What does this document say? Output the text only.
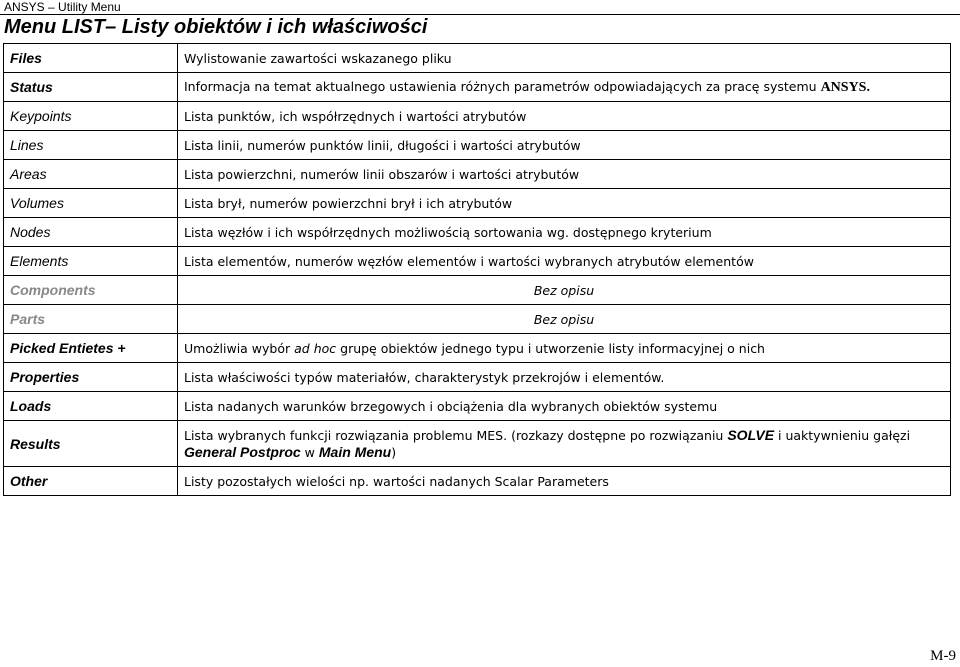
ANSYS – Utility Menu
Menu LIST– Listy obiektów i ich właściwości
Files	Wylistowanie zawartości wskazanego pliku
Status	Informacja na temat aktualnego ustawienia różnych parametrów odpowiadających za pracę systemu ANSYS.
Keypoints	Lista punktów, ich współrzędnych i wartości atrybutów
Lines	Lista linii, numerów punktów linii, długości i wartości atrybutów
Areas	Lista powierzchni, numerów linii obszarów i wartości atrybutów
Volumes	Lista brył, numerów powierzchni brył i ich atrybutów
Nodes	Lista węzłów i ich współrzędnych możliwością sortowania wg. dostępnego kryterium
Elements	Lista elementów, numerów węzłów elementów i wartości wybranych atrybutów elementów
Components	Bez opisu
Parts	Bez opisu
Picked Entietes +	Umożliwia wybór ad hoc grupę obiektów jednego typu i utworzenie listy informacyjnej o nich
Properties	Lista właściwości typów materiałów, charakterystyk przekrojów i elementów.
Loads	Lista nadanych warunków brzegowych i obciążenia dla wybranych obiektów systemu
Results	Lista wybranych funkcji rozwiązania problemu MES. (rozkazy dostępne po rozwiązaniu SOLVE i uaktywnieniu gałęzi General Postproc w Main Menu)
Other	Listy pozostałych wielości np. wartości nadanych Scalar Parameters
M-9
